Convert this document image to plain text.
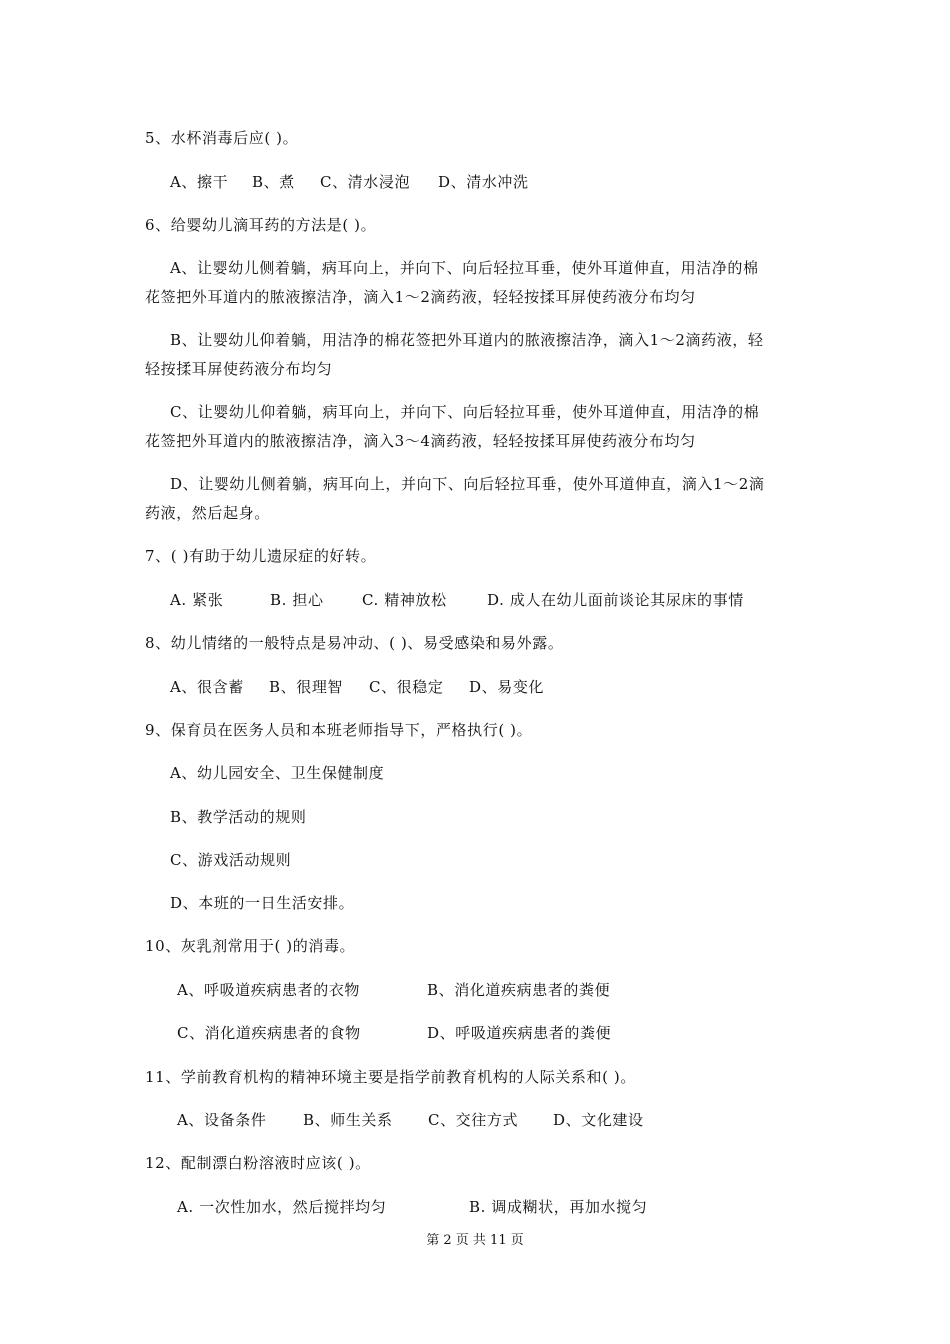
5、水杯消毒后应( )。
A、擦干 B、煮 C、清水浸泡 D、清水冲洗
6、给婴幼儿滴耳药的方法是( )。
A、让婴幼儿侧着躺，病耳向上，并向下、向后轻拉耳垂，使外耳道伸直，用洁净的棉
花签把外耳道内的脓液擦洁净，滴入1～2滴药液，轻轻按揉耳屏使药液分布均匀
B、让婴幼儿仰着躺，用洁净的棉花签把外耳道内的脓液擦洁净，滴入1～2滴药液，轻
轻按揉耳屏使药液分布均匀
C、让婴幼儿仰着躺，病耳向上，并向下、向后轻拉耳垂，使外耳道伸直，用洁净的棉
花签把外耳道内的脓液擦洁净，滴入3～4滴药液，轻轻按揉耳屏使药液分布均匀
D、让婴幼儿侧着躺，病耳向上，并向下、向后轻拉耳垂，使外耳道伸直，滴入1～2滴
药液，然后起身。
7、( )有助于幼儿遗尿症的好转。
A. 紧张	B. 担心	C. 精神放松	D. 成人在幼儿面前谈论其尿床的事情
8、幼儿情绪的一般特点是易冲动、( )、易受感染和易外露。
A、很含蓄 B、很理智 C、很稳定 D、易变化
9、保育员在医务人员和本班老师指导下，严格执行( )。
A、幼儿园安全、卫生保健制度
B、教学活动的规则
C、游戏活动规则
D、本班的一日生活安排。
10、灰乳剂常用于( )的消毒。
A、呼吸道疾病患者的衣物	B、消化道疾病患者的粪便
C、消化道疾病患者的食物	D、呼吸道疾病患者的粪便
11、学前教育机构的精神环境主要是指学前教育机构的人际关系和( )。
A、设备条件 B、师生关系 C、交往方式 D、文化建设
12、配制漂白粉溶液时应该( )。
A. 一次性加水，然后搅拌均匀	B. 调成糊状，再加水搅匀
第 2 页 共 11 页
